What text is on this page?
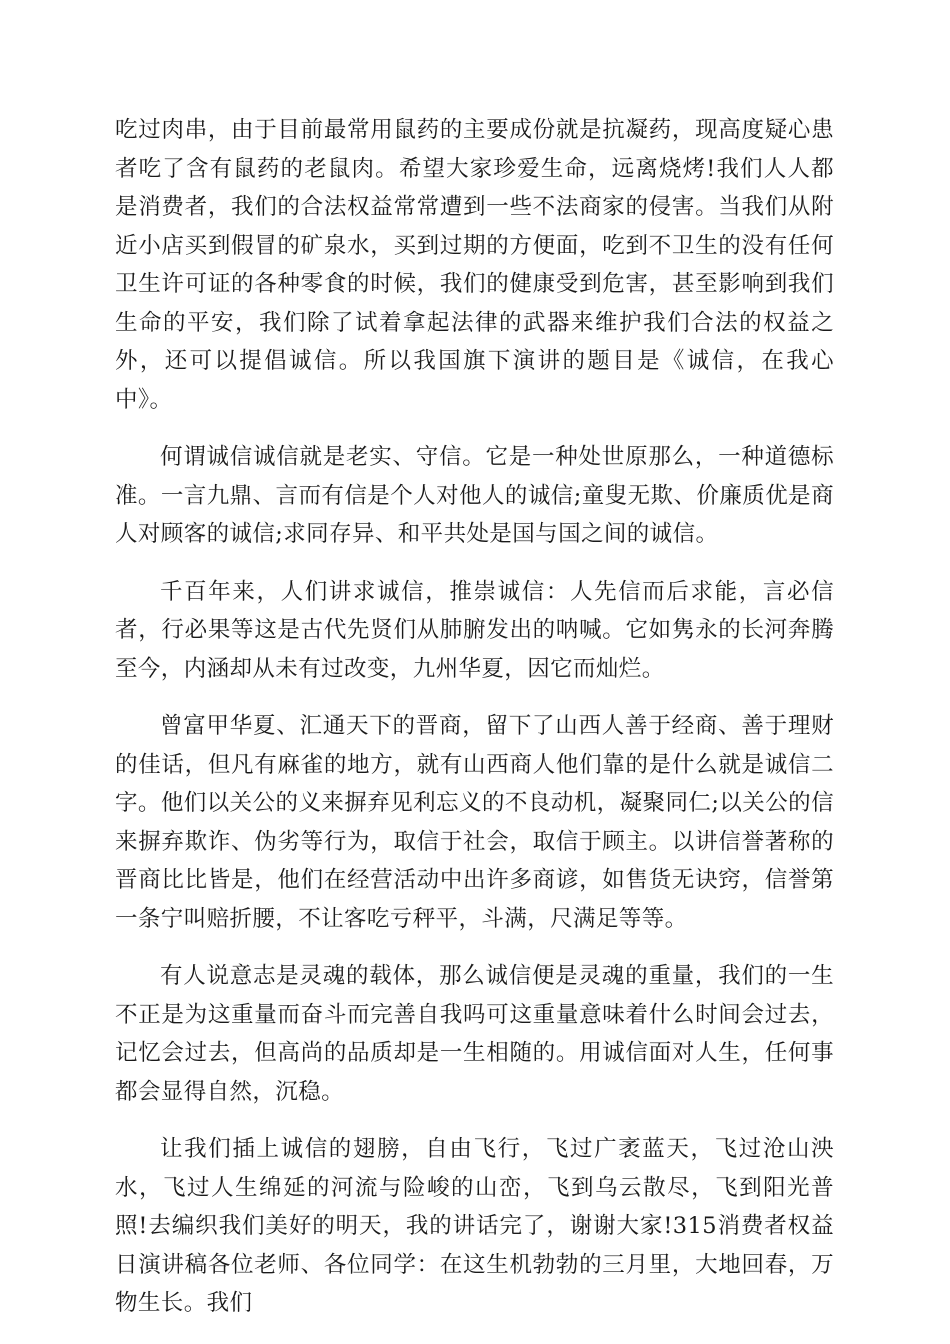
吃过肉串，由于目前最常用鼠药的主要成份就是抗凝药，现高度疑心患者吃了含有鼠药的老鼠肉。希望大家珍爱生命，远离烧烤!我们人人都是消费者，我们的合法权益常常遭到一些不法商家的侵害。当我们从附近小店买到假冒的矿泉水，买到过期的方便面，吃到不卫生的没有任何卫生许可证的各种零食的时候，我们的健康受到危害，甚至影响到我们生命的平安，我们除了试着拿起法律的武器来维护我们合法的权益之外，还可以提倡诚信。所以我国旗下演讲的题目是《诚信，在我心中》。

何谓诚信诚信就是老实、守信。它是一种处世原那么，一种道德标准。一言九鼎、言而有信是个人对他人的诚信;童叟无欺、价廉质优是商人对顾客的诚信;求同存异、和平共处是国与国之间的诚信。

千百年来，人们讲求诚信，推崇诚信：人先信而后求能，言必信者，行必果等这是古代先贤们从肺腑发出的呐喊。它如隽永的长河奔腾至今，内涵却从未有过改变，九州华夏，因它而灿烂。

曾富甲华夏、汇通天下的晋商，留下了山西人善于经商、善于理财的佳话，但凡有麻雀的地方，就有山西商人他们靠的是什么就是诚信二字。他们以关公的义来摒弃见利忘义的不良动机，凝聚同仁;以关公的信来摒弃欺诈、伪劣等行为，取信于社会，取信于顾主。以讲信誉著称的晋商比比皆是，他们在经营活动中出许多商谚，如售货无诀窍，信誉第一条宁叫赔折腰，不让客吃亏秤平，斗满，尺满足等等。

有人说意志是灵魂的载体，那么诚信便是灵魂的重量，我们的一生不正是为这重量而奋斗而完善自我吗可这重量意味着什么时间会过去，记忆会过去，但高尚的品质却是一生相随的。用诚信面对人生，任何事都会显得自然，沉稳。

让我们插上诚信的翅膀，自由飞行，飞过广袤蓝天，飞过沧山泱水，飞过人生绵延的河流与险峻的山峦，飞到乌云散尽，飞到阳光普照!去编织我们美好的明天，我的讲话完了，谢谢大家!315消费者权益日演讲稿各位老师、各位同学：在这生机勃勃的三月里，大地回春，万物生长。我们
